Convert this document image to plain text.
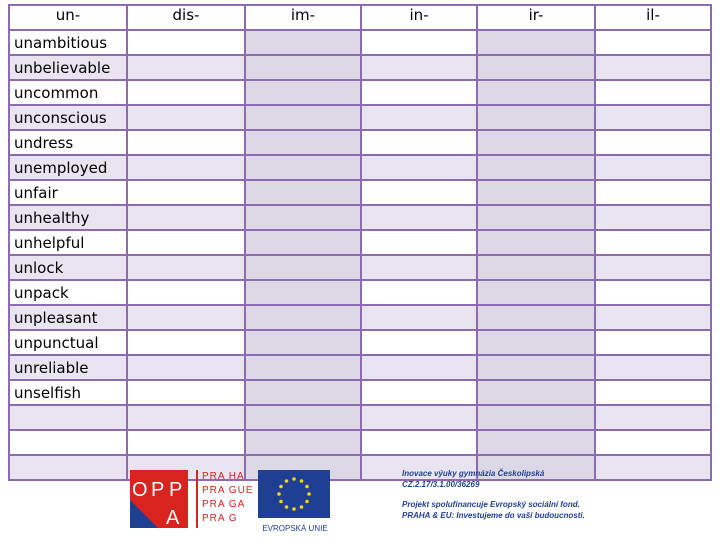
un-	dis-	im-	in-	ir-	il-
unambitious					
unbelievable					
uncommon					
unconscious					
undress					
unemployed					
unfair					
unhealthy					
unhelpful					
unlock					
unpack					
unpleasant					
unpunctual					
unreliable					
unselfish					

O P P
A
PRA HA
PRA GUE
PRA GA
PRA G
EVROPSKÁ UNIE

Inovace výuky gymnázia Českolipská
CZ.2.17/3.1.00/36269

Projekt spolufinancuje Evropský sociální fond.
PRAHA & EU: Investujeme do vaší budoucnosti.
